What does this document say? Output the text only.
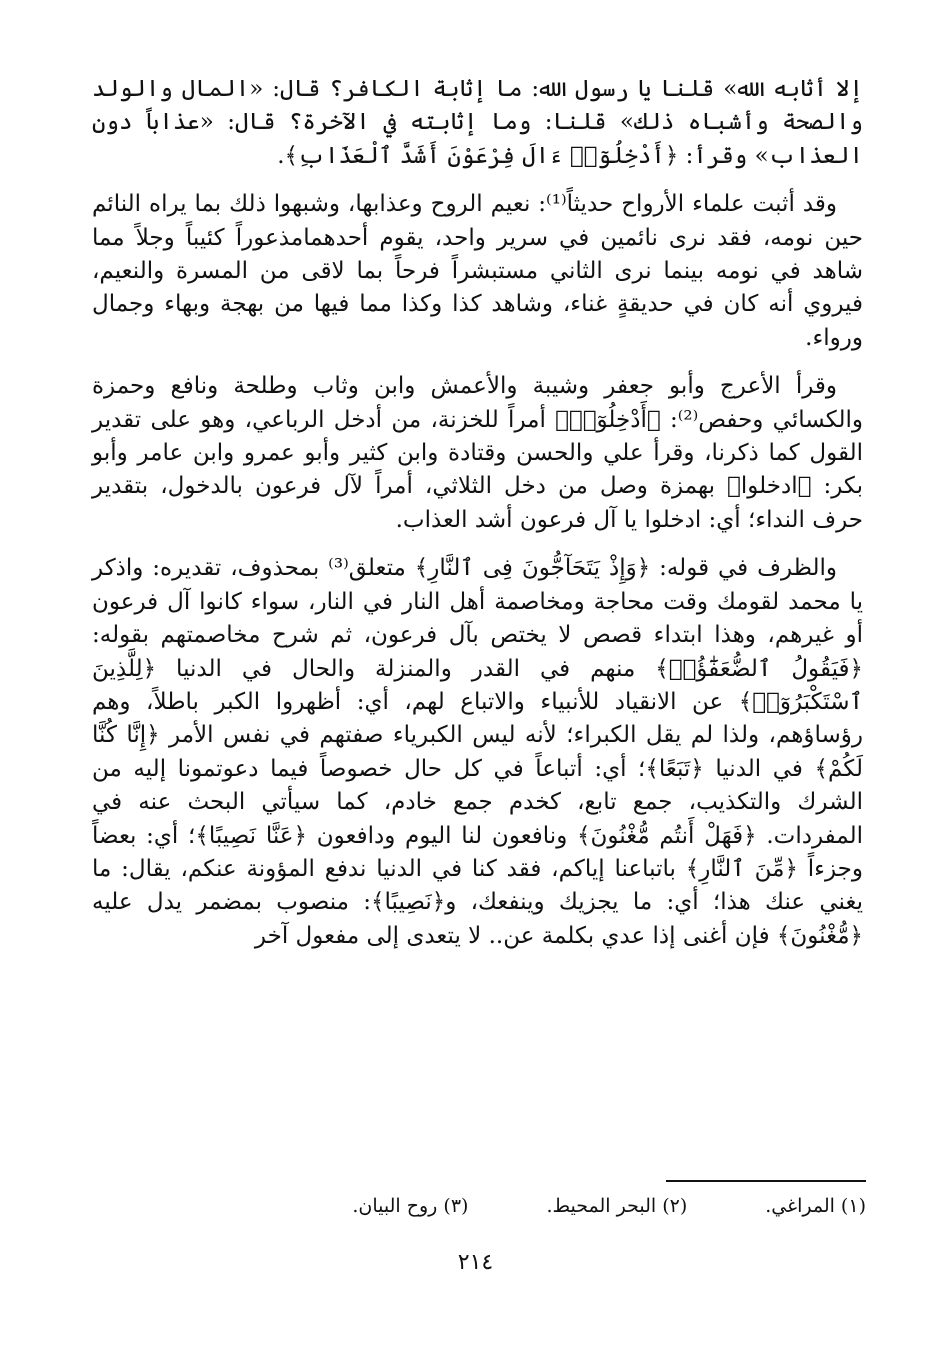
إلا أثابه الله» قلنا يا رسول الله: ما إثابة الكافر؟ قال: «المال والولد والصحة وأشباه ذلك» قلنا: وما إثابته في الآخرة؟ قال: «عذاباً دون العذاب» وقرأ: ﴿أَدْخِلُوٓا۟ ءَالَ فِرْعَوْنَ أَشَدَّ ٱلْعَذَابِ﴾.

وقد أثبت علماء الأرواح حديثاً⁽¹⁾: نعيم الروح وعذابها، وشبهوا ذلك بما يراه النائم حين نومه، فقد نرى نائمين في سرير واحد، يقوم أحدهمامذعوراً كئيباً وجلاً مما شاهد في نومه بينما نرى الثاني مستبشراً فرحاً بما لاقى من المسرة والنعيم، فيروي أنه كان في حديقةٍ غناء، وشاهد كذا وكذا مما فيها من بهجة وبهاء وجمال ورواء.

وقرأ الأعرج وأبو جعفر وشيبة والأعمش وابن وثاب وطلحة ونافع وحمزة والكسائي وحفص⁽²⁾: ﴿أَدْخِلُوٓا۟﴾ أمراً للخزنة، من أدخل الرباعي، وهو على تقدير القول كما ذكرنا، وقرأ علي والحسن وقتادة وابن كثير وأبو عمرو وابن عامر وأبو بكر: ﴿ادخلوا﴾ بهمزة وصل من دخل الثلاثي، أمراً لآل فرعون بالدخول، بتقدير حرف النداء؛ أي: ادخلوا يا آل فرعون أشد العذاب.

والظرف في قوله: ﴿وَإِذْ يَتَحَآجُّونَ فِى ٱلنَّارِ﴾ متعلق⁽³⁾ بمحذوف، تقديره: واذكر يا محمد لقومك وقت محاجة ومخاصمة أهل النار في النار، سواء كانوا آل فرعون أو غيرهم، وهذا ابتداء قصص لا يختص بآل فرعون، ثم شرح مخاصمتهم بقوله: ﴿فَيَقُولُ ٱلضُّعَفَٰٓؤُا۟﴾ منهم في القدر والمنزلة والحال في الدنيا ﴿لِلَّذِينَ ٱسْتَكْبَرُوٓا۟﴾ عن الانقياد للأنبياء والاتباع لهم، أي: أظهروا الكبر باطلاً، وهم رؤساؤهم، ولذا لم يقل الكبراء؛ لأنه ليس الكبرياء صفتهم في نفس الأمر ﴿إِنَّا كُنَّا لَكُمْ﴾ في الدنيا ﴿تَبَعًا﴾؛ أي: أتباعاً في كل حال خصوصاً فيما دعوتمونا إليه من الشرك والتكذيب، جمع تابع، كخدم جمع خادم، كما سيأتي البحث عنه في المفردات. ﴿فَهَلْ أَنتُم مُّغْنُونَ﴾ ونافعون لنا اليوم ودافعون ﴿عَنَّا نَصِيبًا﴾؛ أي: بعضاً وجزءاً ﴿مِّنَ ٱلنَّارِ﴾ باتباعنا إياكم، فقد كنا في الدنيا ندفع المؤونة عنكم، يقال: ما يغني عنك هذا؛ أي: ما يجزيك وينفعك، و﴿نَصِيبًا﴾: منصوب بمضمر يدل عليه ﴿مُّغْنُونَ﴾ فإن أغنى إذا عدي بكلمة عن.. لا يتعدى إلى مفعول آخر

(١) المراغي.
(٢) البحر المحيط.
(٣) روح البيان.
٢١٤
